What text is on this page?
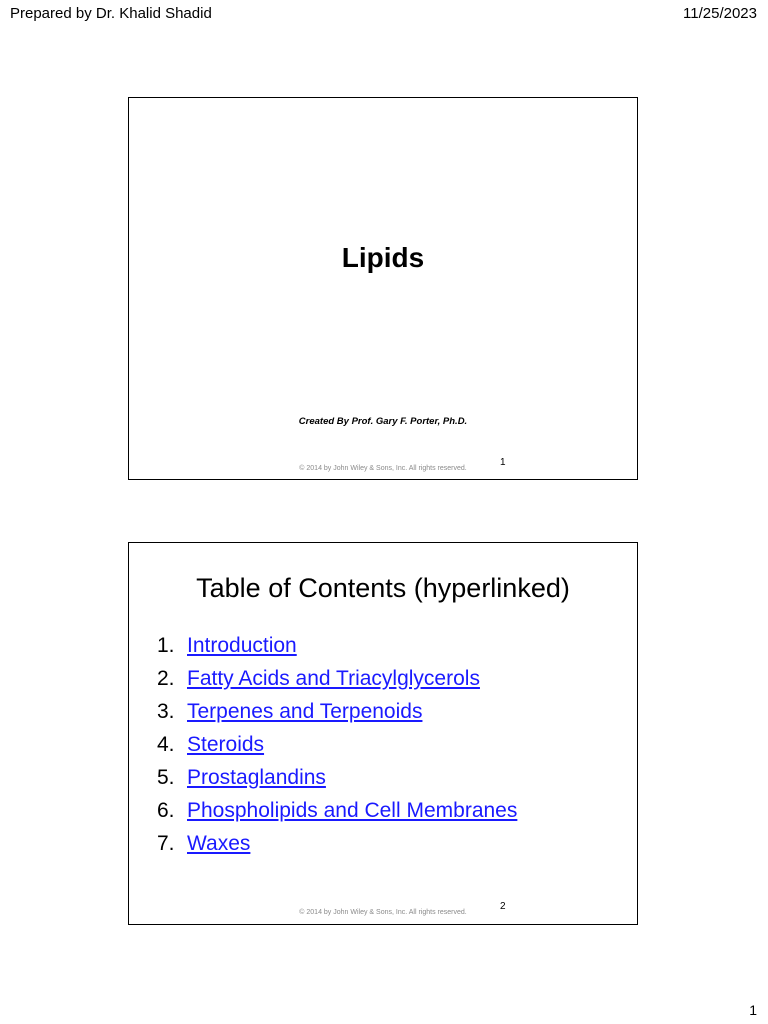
Prepared by Dr. Khalid Shadid	11/25/2023
Lipids
Created By Prof. Gary F. Porter, Ph.D.
© 2014 by John Wiley & Sons, Inc. All rights reserved.
1
Table of Contents (hyperlinked)
1. Introduction
2. Fatty Acids and Triacylglycerols
3. Terpenes and Terpenoids
4. Steroids
5. Prostaglandins
6. Phospholipids and Cell Membranes
7. Waxes
© 2014 by John Wiley & Sons, Inc. All rights reserved.
2
1
